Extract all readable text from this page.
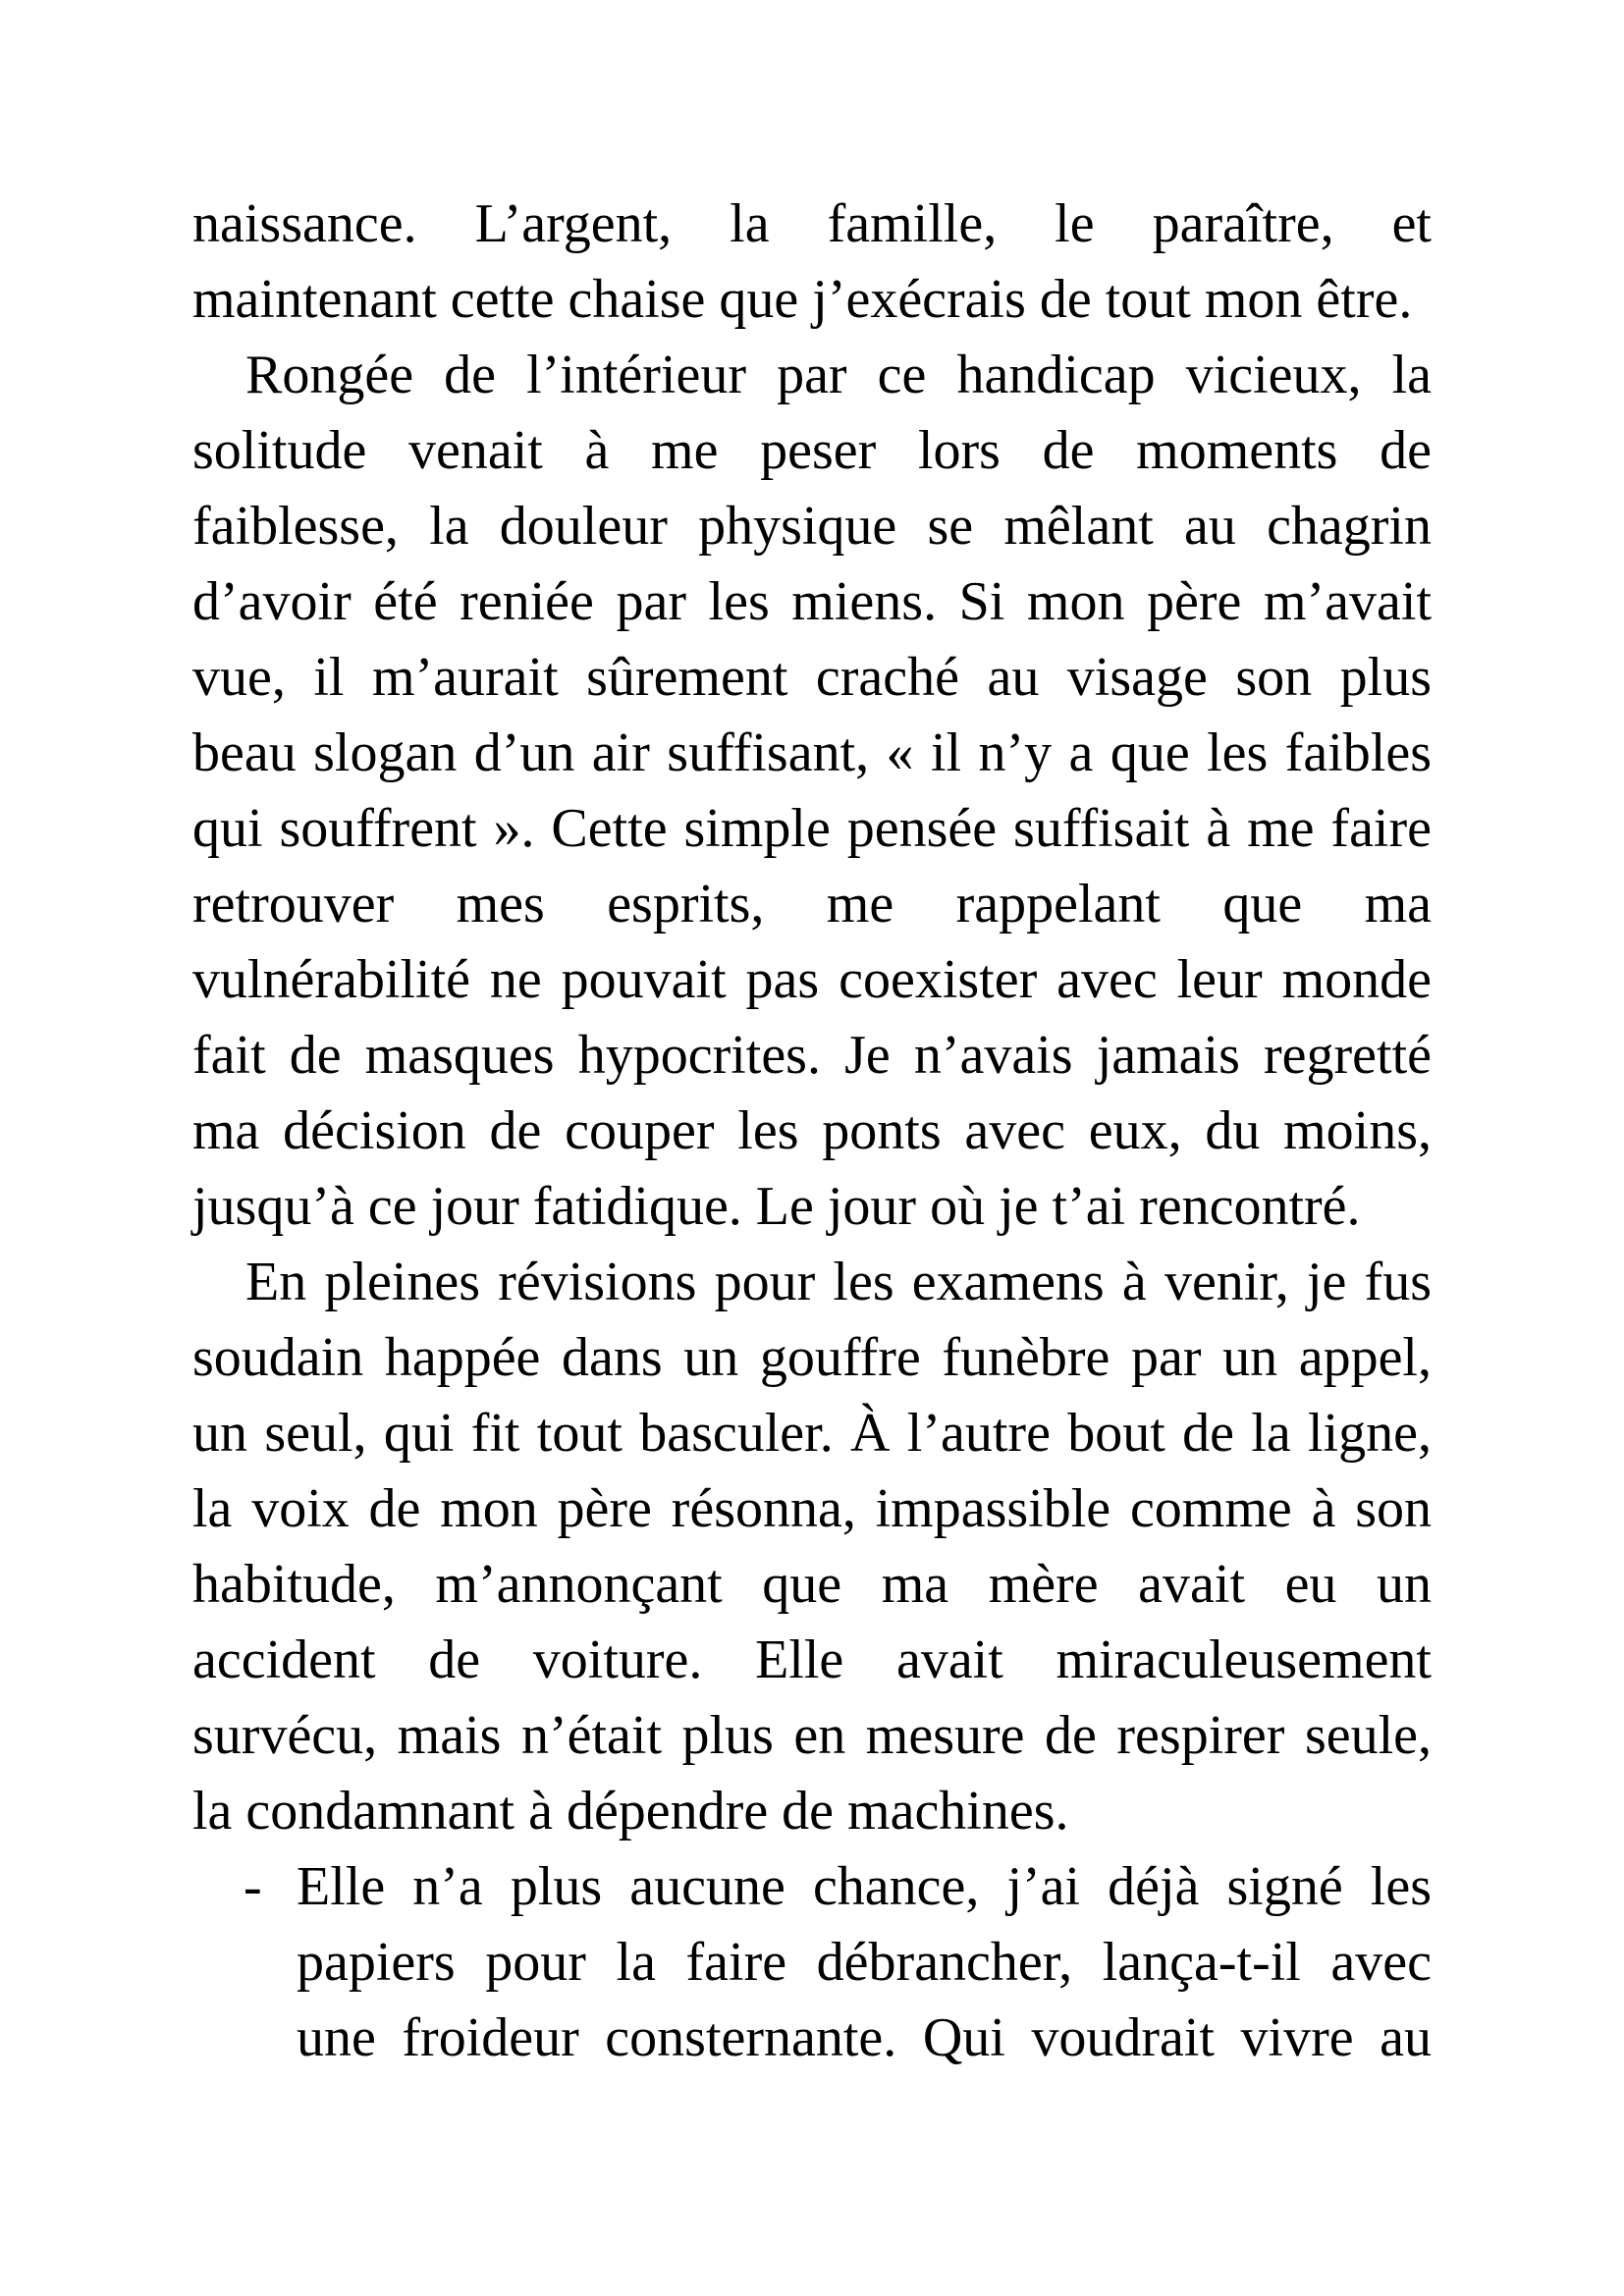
naissance. L’argent, la famille, le paraître, et
maintenant cette chaise que j’exécrais de tout mon être.
Rongée de l’intérieur par ce handicap vicieux, la
solitude venait à me peser lors de moments de
faiblesse, la douleur physique se mêlant au chagrin
d’avoir été reniée par les miens. Si mon père m’avait
vue, il m’aurait sûrement craché au visage son plus
beau slogan d’un air suffisant, « il n’y a que les faibles
qui souffrent ». Cette simple pensée suffisait à me faire
retrouver mes esprits, me rappelant que ma
vulnérabilité ne pouvait pas coexister avec leur monde
fait de masques hypocrites. Je n’avais jamais regretté
ma décision de couper les ponts avec eux, du moins,
jusqu’à ce jour fatidique. Le jour où je t’ai rencontré.
En pleines révisions pour les examens à venir, je fus
soudain happée dans un gouffre funèbre par un appel,
un seul, qui fit tout basculer. À l’autre bout de la ligne,
la voix de mon père résonna, impassible comme à son
habitude, m’annonçant que ma mère avait eu un
accident de voiture. Elle avait miraculeusement
survécu, mais n’était plus en mesure de respirer seule,
la condamnant à dépendre de machines.
- Elle n’a plus aucune chance, j’ai déjà signé les
papiers pour la faire débrancher, lança-t-il avec
une froideur consternante. Qui voudrait vivre au
